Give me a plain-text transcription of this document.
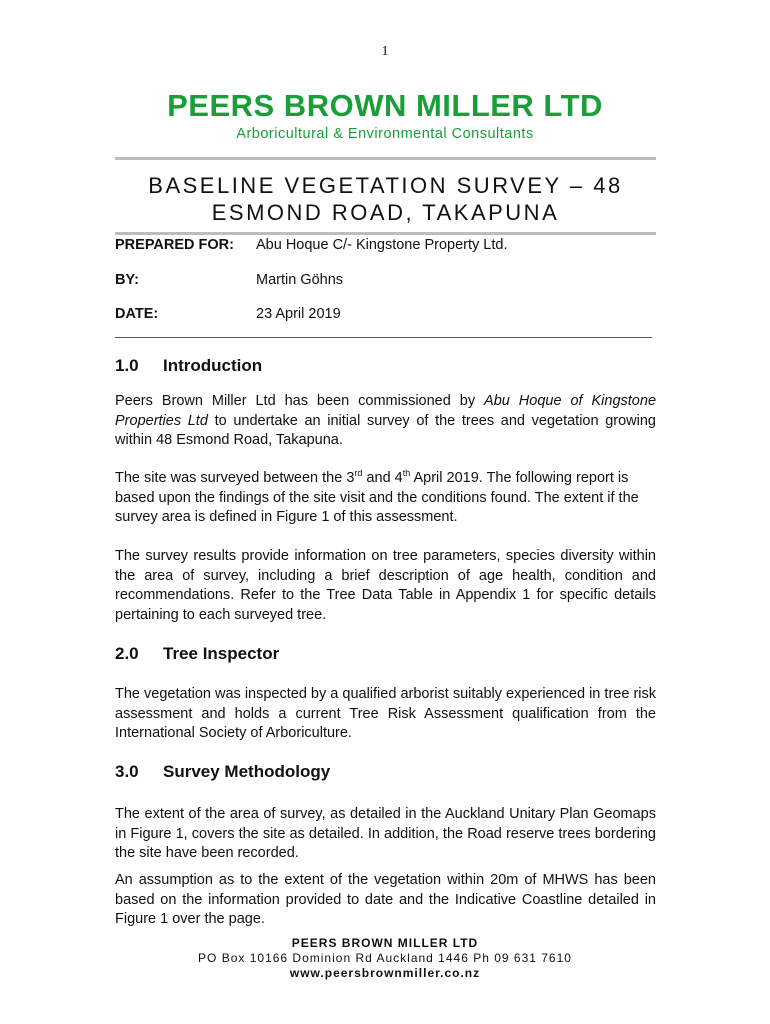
1
PEERS BROWN MILLER LTD
Arboricultural & Environmental Consultants
BASELINE VEGETATION SURVEY – 48
ESMOND ROAD, TAKAPUNA
PREPARED FOR: Abu Hoque C/- Kingstone Property Ltd.
BY:	Martin Göhns
DATE:	23 April 2019
1.0 Introduction
Peers Brown Miller Ltd has been commissioned by Abu Hoque of Kingstone Properties Ltd to undertake an initial survey of the trees and vegetation growing within 48 Esmond Road, Takapuna.
The site was surveyed between the 3rd and 4th April 2019. The following report is based upon the findings of the site visit and the conditions found. The extent if the survey area is defined in Figure 1 of this assessment.
The survey results provide information on tree parameters, species diversity within the area of survey, including a brief description of age health, condition and recommendations. Refer to the Tree Data Table in Appendix 1 for specific details pertaining to each surveyed tree.
2.0 Tree Inspector
The vegetation was inspected by a qualified arborist suitably experienced in tree risk assessment and holds a current Tree Risk Assessment qualification from the International Society of Arboriculture.
3.0 Survey Methodology
The extent of the area of survey, as detailed in the Auckland Unitary Plan Geomaps in Figure 1, covers the site as detailed. In addition, the Road reserve trees bordering the site have been recorded.
An assumption as to the extent of the vegetation within 20m of MHWS has been based on the information provided to date and the Indicative Coastline detailed in Figure 1 over the page.
PEERS BROWN MILLER LTD
PO Box 10166 Dominion Rd Auckland 1446 Ph 09 631 7610
www.peersbrownmiller.co.nz
